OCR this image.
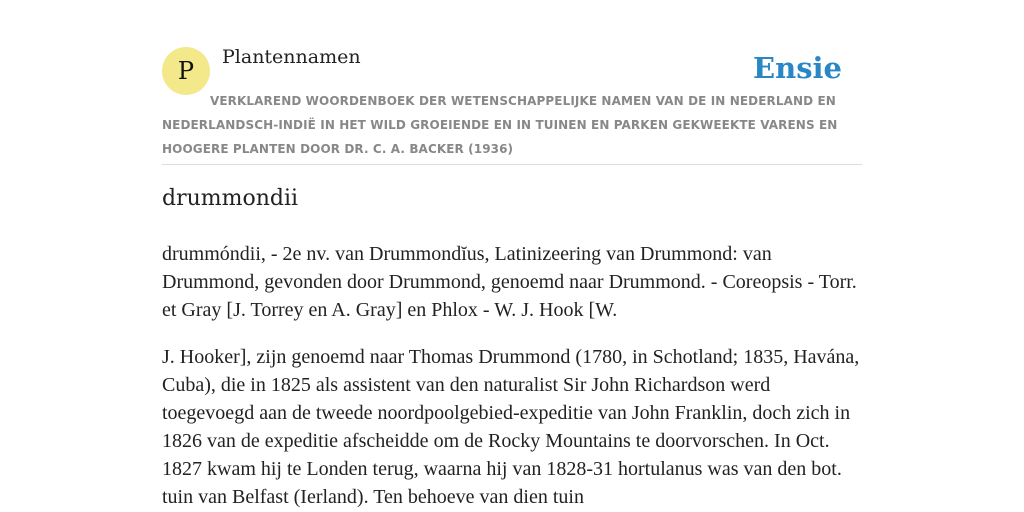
P Plantennamen	Ensie
VERKLAREND WOORDENBOEK DER WETENSCHAPPELIJKE NAMEN VAN DE IN NEDERLAND EN NEDERLANDSCH-INDIË IN HET WILD GROEIENDE EN IN TUINEN EN PARKEN GEKWEEKTE VARENS EN HOOGERE PLANTEN DOOR DR. C. A. BACKER (1936)
drummondii

drummóndii, - 2e nv. van Drummondĭus, Latinizeering van Drummond: van Drummond, gevonden door Drummond, genoemd naar Drummond. - Coreopsis - Torr. et Gray [J. Torrey en A. Gray] en Phlox - W. J. Hook [W.

J. Hooker], zijn genoemd naar Thomas Drummond (1780, in Schotland; 1835, Havána, Cuba), die in 1825 als assistent van den naturalist Sir John Richardson werd toegevoegd aan de tweede noordpoolgebied-expeditie van John Franklin, doch zich in 1826 van de expeditie afscheidde om de Rocky Mountains te doorvorschen. In Oct. 1827 kwam hij te Londen terug, waarna hij van 1828-31 hortulanus was van den bot. tuin van Belfast (Ierland). Ten behoeve van dien tuin
